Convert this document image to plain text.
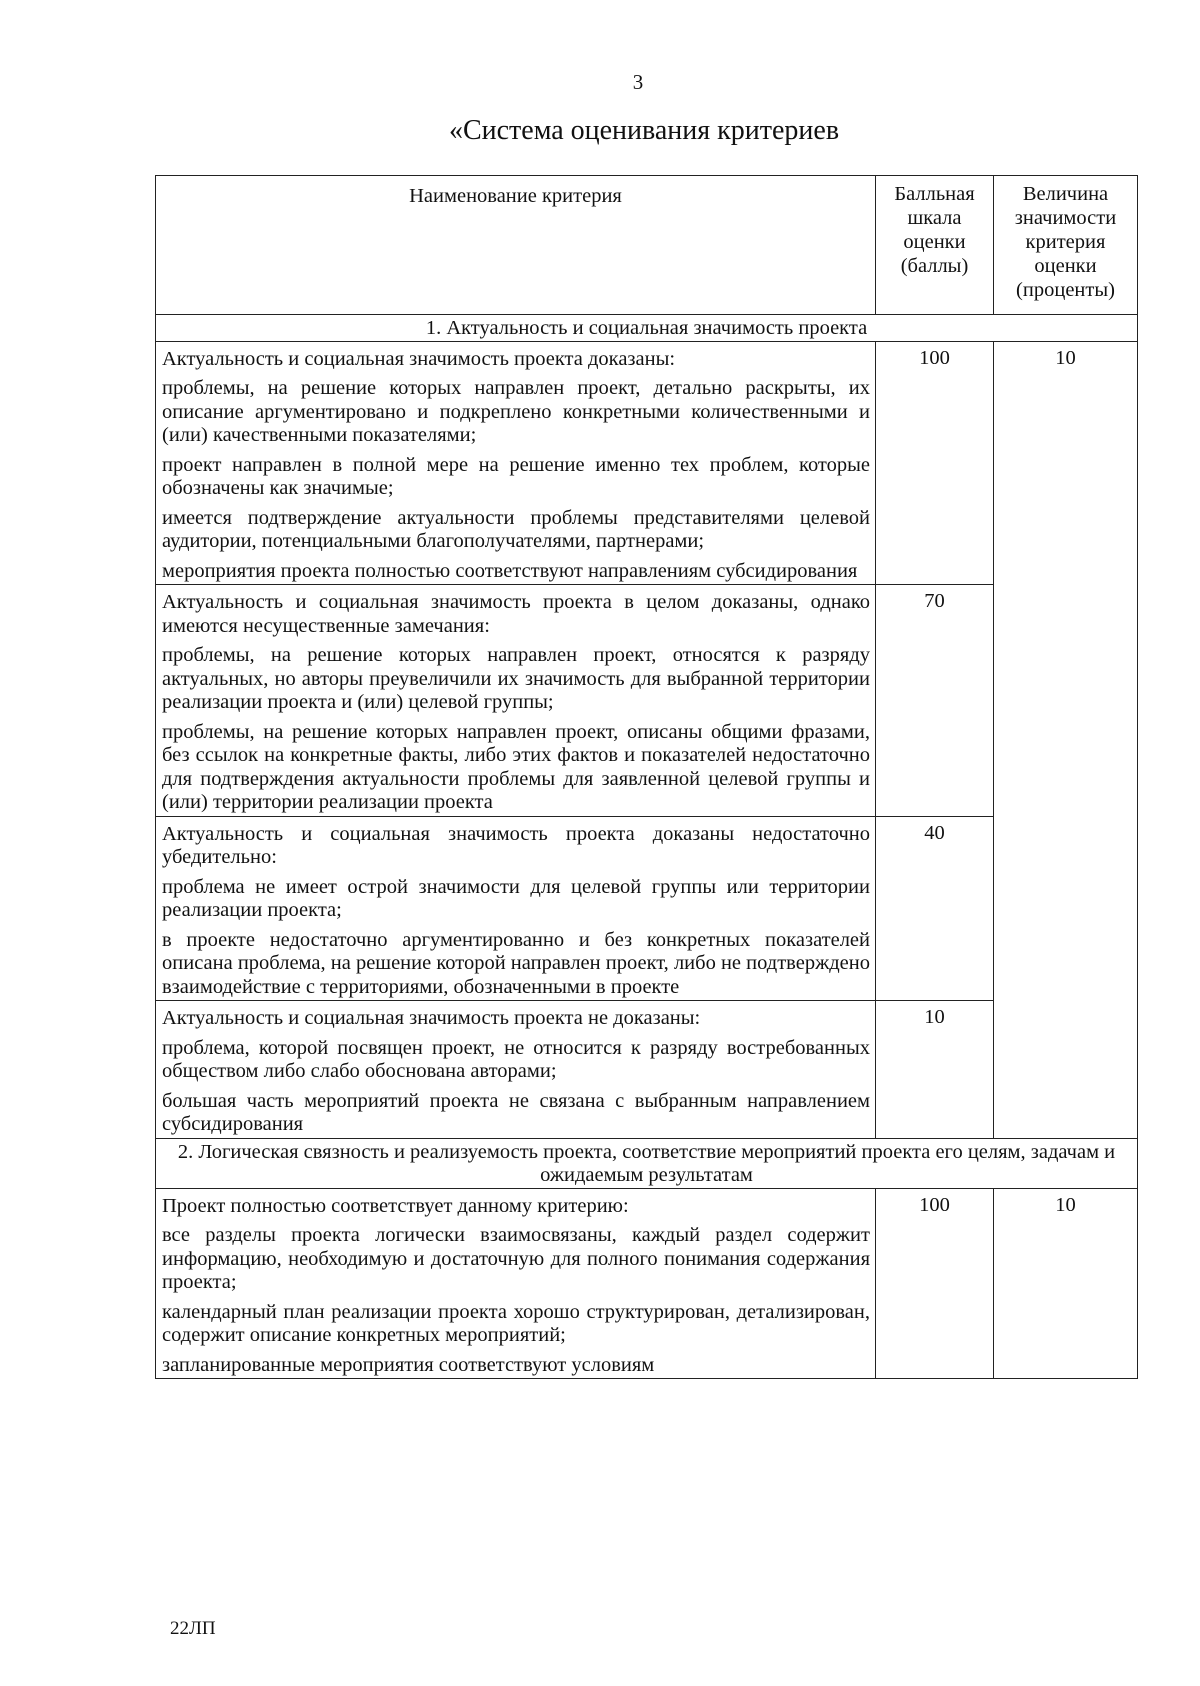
3
«Система оценивания критериев
Наименование критерия	Балльная шкала оценки (баллы)	Величина значимости критерия оценки (проценты)
1. Актуальность и социальная значимость проекта		

Актуальность и социальная значимость проекта доказаны:

проблемы, на решение которых направлен проект, детально раскрыты, их описание аргументировано и подкреплено конкретными количественными и (или) качественными показателями;

проект направлен в полной мере на решение именно тех проблем, которые обозначены как значимые;

имеется подтверждение актуальности проблемы представителями целевой аудитории, потенциальными благополучателями, партнерами;

мероприятия проекта полностью соответствуют направлениям субсидирования	100	10

Актуальность и социальная значимость проекта в целом доказаны, однако имеются несущественные замечания:

проблемы, на решение которых направлен проект, относятся к разряду актуальных, но авторы преувеличили их значимость для выбранной территории реализации проекта и (или) целевой группы;

проблемы, на решение которых направлен проект, описаны общими фразами, без ссылок на конкретные факты, либо этих фактов и показателей недостаточно для подтверждения актуальности проблемы для заявленной целевой группы и (или) территории реализации проекта	70	

Актуальность и социальная значимость проекта доказаны недостаточно убедительно:

проблема не имеет острой значимости для целевой группы или территории реализации проекта;

в проекте недостаточно аргументированно и без конкретных показателей описана проблема, на решение которой направлен проект, либо не подтверждено взаимодействие с территориями, обозначенными в проекте	40	

Актуальность и социальная значимость проекта не доказаны:

проблема, которой посвящен проект, не относится к разряду востребованных обществом либо слабо обоснована авторами;

большая часть мероприятий проекта не связана с выбранным направлением субсидирования	10	
2. Логическая связность и реализуемость проекта, соответствие мероприятий проекта его целям, задачам и ожидаемым результатам		

Проект полностью соответствует данному критерию:

все разделы проекта логически взаимосвязаны, каждый раздел содержит информацию, необходимую и достаточную для полного понимания содержания проекта;

календарный план реализации проекта хорошо структурирован, детализирован, содержит описание конкретных мероприятий;

запланированные мероприятия соответствуют условиям	100	10
22ЛП
